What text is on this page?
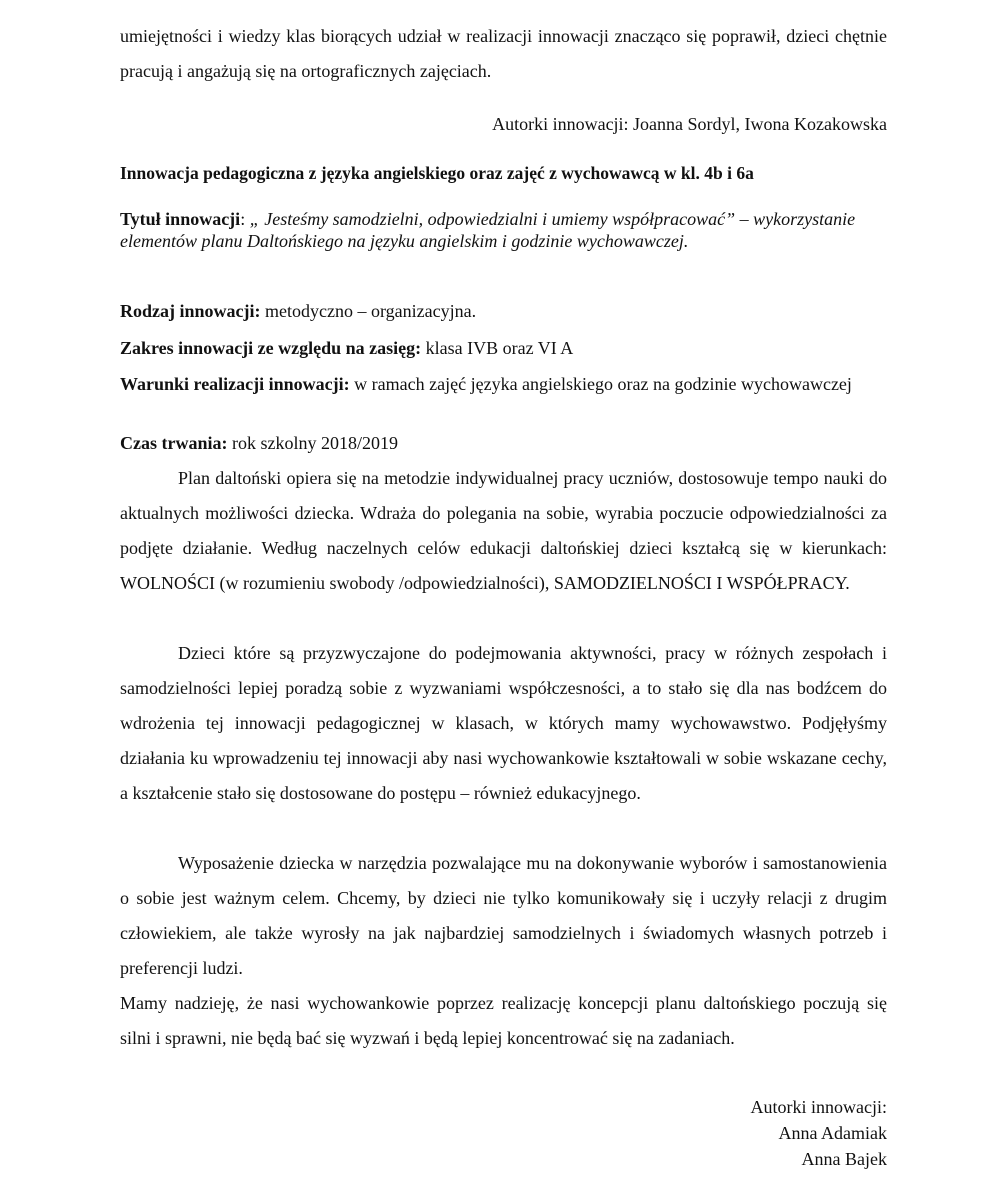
umiejętności i wiedzy klas biorących udział w realizacji innowacji znacząco się poprawił, dzieci chętnie pracują i angażują się na ortograficznych zajęciach.

Autorki innowacji: Joanna Sordyl, Iwona Kozakowska

Innowacja pedagogiczna z języka angielskiego oraz zajęć z wychowawcą w kl. 4b i 6a

Tytuł innowacji: „ Jesteśmy samodzielni, odpowiedzialni i umiemy współpracować” – wykorzystanie elementów planu Daltońskiego na języku angielskim i godzinie wychowawczej.

Rodzaj innowacji: metodyczno – organizacyjna.

Zakres innowacji ze względu na zasięg: klasa IVB oraz VI A

Warunki realizacji innowacji: w ramach zajęć języka angielskiego oraz na godzinie wychowawczej

Czas trwania: rok szkolny 2018/2019

Plan daltoński opiera się na metodzie indywidualnej pracy uczniów, dostosowuje tempo nauki do aktualnych możliwości dziecka. Wdraża do polegania na sobie, wyrabia poczucie odpowiedzialności za podjęte działanie. Według naczelnych celów edukacji daltońskiej dzieci kształcą się w kierunkach: WOLNOŚCI (w rozumieniu swobody /odpowiedzialności), SAMODZIELNOŚCI I WSPÓŁPRACY.

Dzieci które są przyzwyczajone do podejmowania aktywności, pracy w różnych zespołach i samodzielności lepiej poradzą sobie z wyzwaniami współczesności, a to stało się dla nas bodźcem do wdrożenia tej innowacji pedagogicznej w klasach, w których mamy wychowawstwo. Podjęłyśmy działania ku wprowadzeniu tej innowacji aby nasi wychowankowie kształtowali w sobie wskazane cechy, a kształcenie stało się dostosowane do postępu – również edukacyjnego.

Wyposażenie dziecka w narzędzia pozwalające mu na dokonywanie wyborów i samostanowienia o sobie jest ważnym celem. Chcemy, by dzieci nie tylko komunikowały się i uczyły relacji z drugim człowiekiem, ale także wyrosły na jak najbardziej samodzielnych i świadomych własnych potrzeb i preferencji ludzi.

Mamy nadzieję, że nasi wychowankowie poprzez realizację koncepcji planu daltońskiego poczują się silni i sprawni, nie będą bać się wyzwań i będą lepiej koncentrować się na zadaniach.

Autorki innowacji:
Anna Adamiak
Anna Bajek
